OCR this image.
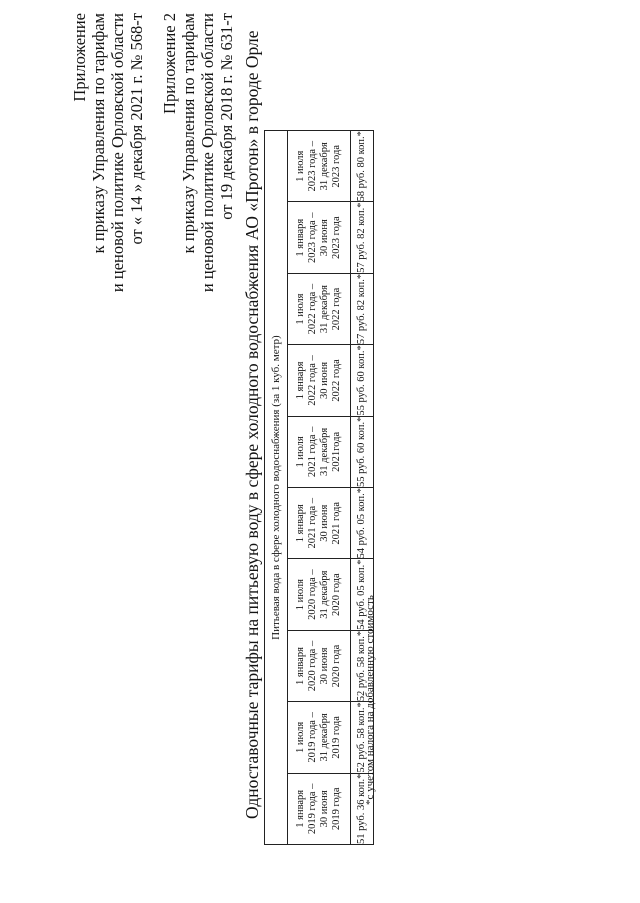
Приложение к приказу Управления по тарифам и ценовой политике Орловской области от « 14 » декабря 2021 г. № 568-т Приложение 2 к приказу Управления по тарифам и ценовой политике Орловской области от 19 декабря 2018 г. № 631-т Одноставочные тарифы на питьевую воду в сфере холодного водоснабжения АО «Протон» в городе Орле Питьевая вода в сфере холодного водоснабжения (за 1 куб. метр)									

1 января 2019 года – 30 июня 2019 года	1 июля 2019 года – 31 декабря 2019 года	1 января 2020 года – 30 июня 2020 года	1 июля 2020 года – 31 декабря 2020 года	1 января 2021 года – 30 июня 2021 года	1 июля 2021 года – 31 декабря 2021года	1 января 2022 года – 30 июня 2022 года	1 июля 2022 года – 31 декабря 2022 года	1 января 2023 года – 30 июня 2023 года	1 июля 2023 года – 31 декабря 2023 года

51 руб. 36 коп.*	52 руб. 58 коп.*	52 руб. 58 коп.*	54 руб. 05 коп.*	54 руб. 05 коп.*	55 руб. 60 коп.*	55 руб. 60 коп.*	57 руб. 82 коп.*	57 руб. 82 коп.*	58 руб. 80 коп.*
*с учетом налога на добавленную стоимость
